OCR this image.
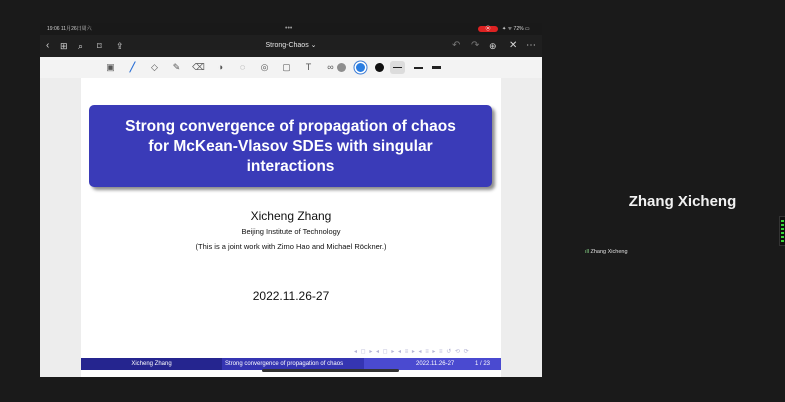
19:06 11月26日周六	•••	⦿	✦ ᯤ 72% ▭
‹ ⊞ ⌕ ⌑ ⇪	Strong-Chaos ⌄	↶ ↷ ⊕ ✕ ⋯
▣	╱	◇	✎	⌫	◑	◌	◎ ▢	T	∞
Strong convergence of propagation of chaos
for McKean-Vlasov SDEs with singular
interactions
Xicheng Zhang
Beijing Institute of Technology
(This is a joint work with Zimo Hao and Michael Röckner.)
2022.11.26-27
◂ ◻ ▸ ◂ ◻ ▸ ◂ ≡ ▸ ◂ ≡ ▸ ≡ ↺ ⟲ ⟳
Xicheng Zhang	Strong convergence of propagation of chaos	2022.11.26-27	1 / 23
Zhang Xicheng
ıll Zhang Xicheng
